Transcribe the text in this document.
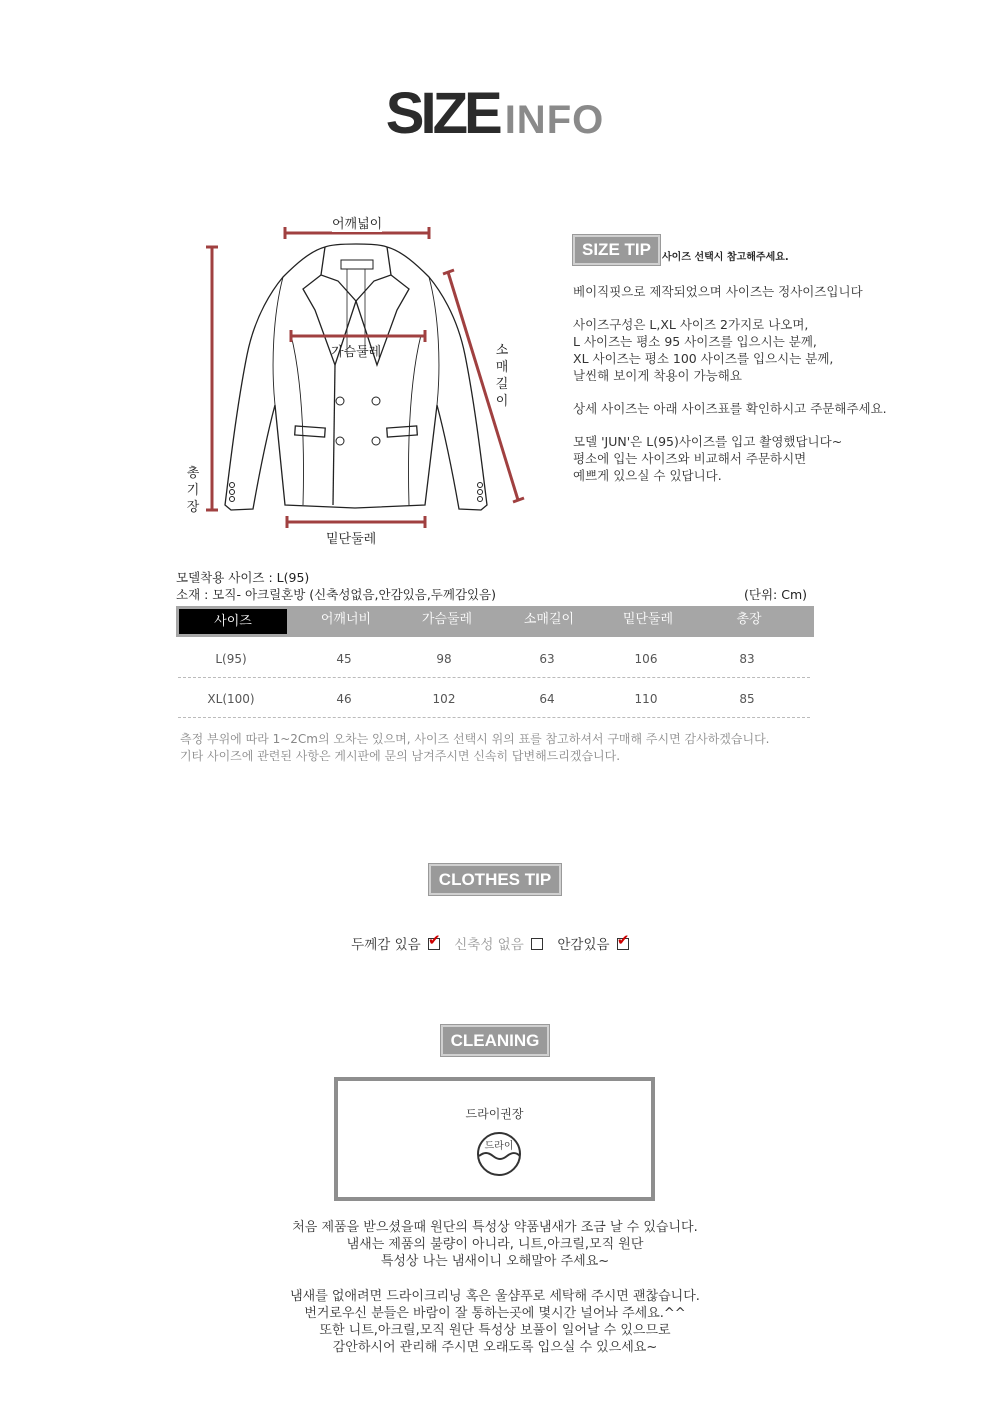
SIZE INFO
어깨넓이
가슴둘레
밑단둘레
소매길이
총기장
SIZE TIP	사이즈 선택시 참고해주세요.

베이직핏으로 제작되었으며 사이즈는 정사이즈입니다

사이즈구성은 L,XL 사이즈 2가지로 나오며,
L 사이즈는 평소 95 사이즈를 입으시는 분께,
XL 사이즈는 평소 100 사이즈를 입으시는 분께,
날씬해 보이게 착용이 가능해요

상세 사이즈는 아래 사이즈표를 확인하시고 주문해주세요.

모델 'JUN'은 L(95)사이즈를 입고 촬영했답니다~
평소에 입는 사이즈와 비교해서 주문하시면
예쁘게 있으실 수 있답니다.

모델착용 사이즈 : L(95)
소재 : 모직- 아크릴혼방 (신축성없음,안감있음,두께감있음)	(단위: Cm)
사이즈	어깨너비	가슴둘레	소매길이	밑단둘레	총장
L(95)	45	98	63	106	83
XL(100)	46	102	64	110	85
측정 부위에 따라 1~2Cm의 오차는 있으며, 사이즈 선택시 위의 표를 참고하셔서 구매해 주시면 감사하겠습니다.
기타 사이즈에 관련된 사항은 게시판에 문의 남겨주시면 신속히 답변해드리겠습니다.
CLOTHES TIP
두께감 있음 ✔ 신축성 없음 안감있음 ✔
CLEANING
드라이권장
드라이

처음 제품을 받으셨을때 원단의 특성상 약품냄새가 조금 날 수 있습니다.
냄새는 제품의 불량이 아니라, 니트,아크릴,모직 원단
특성상 나는 냄새이니 오해말아 주세요~

냄새를 없애려면 드라이크리닝 혹은 울샴푸로 세탁해 주시면 괜찮습니다.
번거로우신 분들은 바람이 잘 통하는곳에 몇시간 널어놔 주세요.^^
또한 니트,아크릴,모직 원단 특성상 보풀이 일어날 수 있으므로
감안하시어 관리해 주시면 오래도록 입으실 수 있으세요~
